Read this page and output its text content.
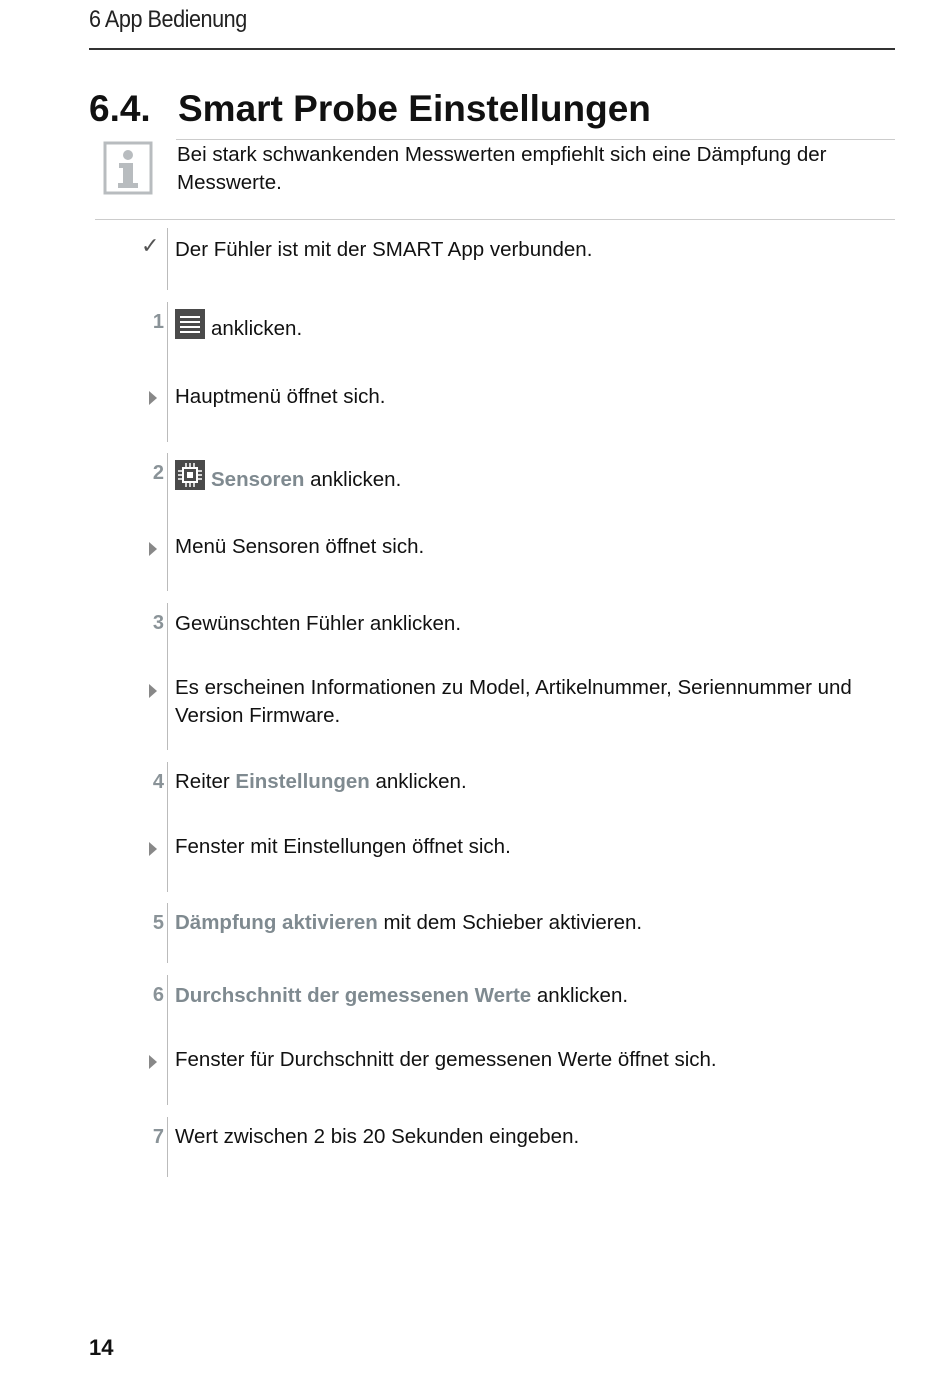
6 App Bedienung
6.4. Smart Probe Einstellungen
Bei stark schwankenden Messwerten empfiehlt sich eine Dämpfung der Messwerte.
✓ Der Fühler ist mit der SMART App verbunden.
1	anklicken.
Hauptmenü öffnet sich.
2	Sensoren anklicken.
Menü Sensoren öffnet sich.
3 Gewünschten Fühler anklicken.
Es erscheinen Informationen zu Model, Artikelnummer, Seriennummer und Version Firmware.
4 Reiter Einstellungen anklicken.
Fenster mit Einstellungen öffnet sich.
5 Dämpfung aktivieren mit dem Schieber aktivieren.
6 Durchschnitt der gemessenen Werte anklicken.
Fenster für Durchschnitt der gemessenen Werte öffnet sich.
7 Wert zwischen 2 bis 20 Sekunden eingeben.
14
